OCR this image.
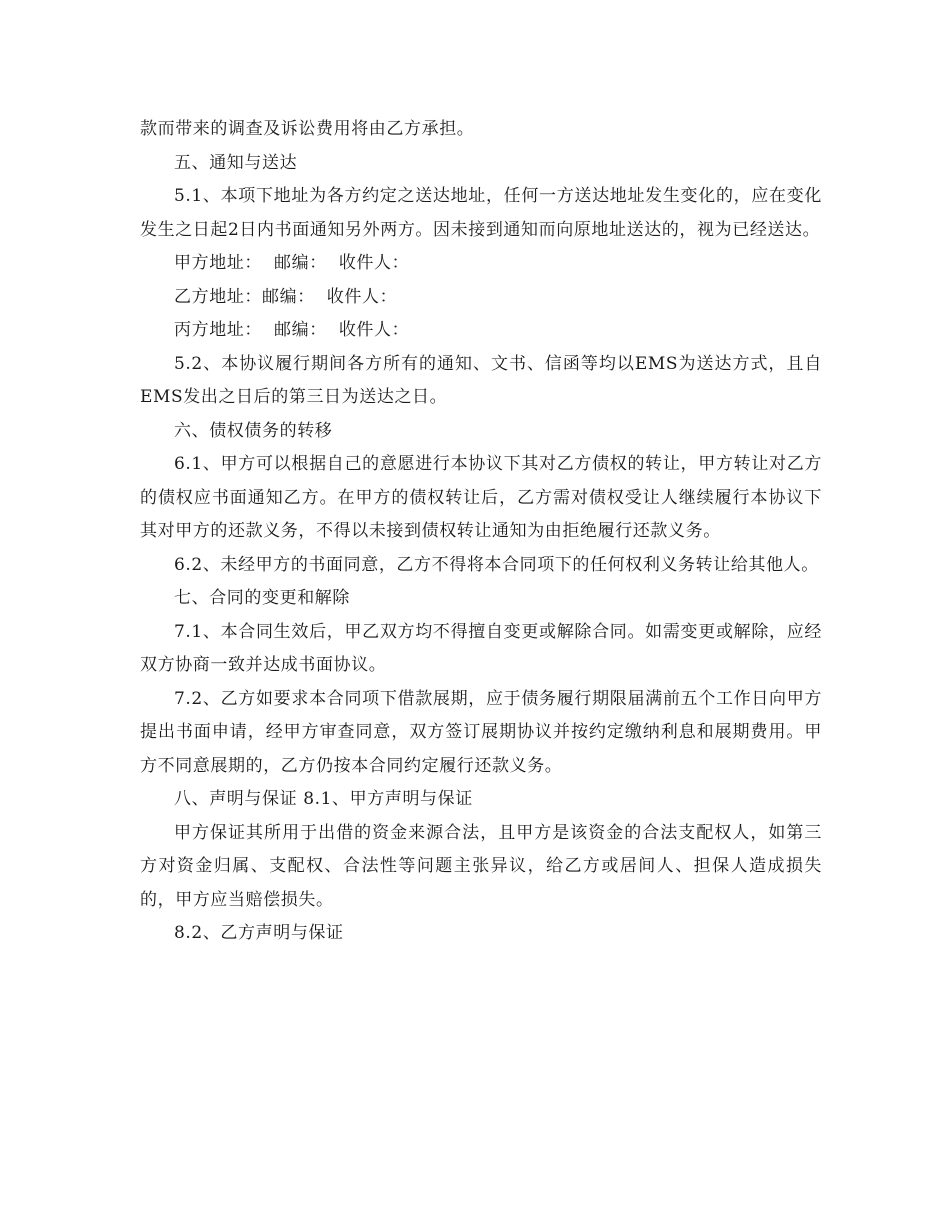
款而带来的调查及诉讼费用将由乙方承担。

五、通知与送达

5.1、本项下地址为各方约定之送达地址，任何一方送达地址发生变化的，应在变化发生之日起2日内书面通知另外两方。因未接到通知而向原地址送达的，视为已经送达。

甲方地址：  邮编：  收件人：

乙方地址：邮编：  收件人：

丙方地址：  邮编：  收件人：

5.2、本协议履行期间各方所有的通知、文书、信函等均以EMS为送达方式，且自EMS发出之日后的第三日为送达之日。

六、债权债务的转移

6.1、甲方可以根据自己的意愿进行本协议下其对乙方债权的转让，甲方转让对乙方的债权应书面通知乙方。在甲方的债权转让后，乙方需对债权受让人继续履行本协议下其对甲方的还款义务，不得以未接到债权转让通知为由拒绝履行还款义务。

6.2、未经甲方的书面同意，乙方不得将本合同项下的任何权利义务转让给其他人。

七、合同的变更和解除

7.1、本合同生效后，甲乙双方均不得擅自变更或解除合同。如需变更或解除，应经双方协商一致并达成书面协议。

7.2、乙方如要求本合同项下借款展期，应于债务履行期限届满前五个工作日向甲方提出书面申请，经甲方审查同意，双方签订展期协议并按约定缴纳利息和展期费用。甲方不同意展期的，乙方仍按本合同约定履行还款义务。

八、声明与保证 8.1、甲方声明与保证

甲方保证其所用于出借的资金来源合法，且甲方是该资金的合法支配权人，如第三方对资金归属、支配权、合法性等问题主张异议，给乙方或居间人、担保人造成损失的，甲方应当赔偿损失。

8.2、乙方声明与保证
